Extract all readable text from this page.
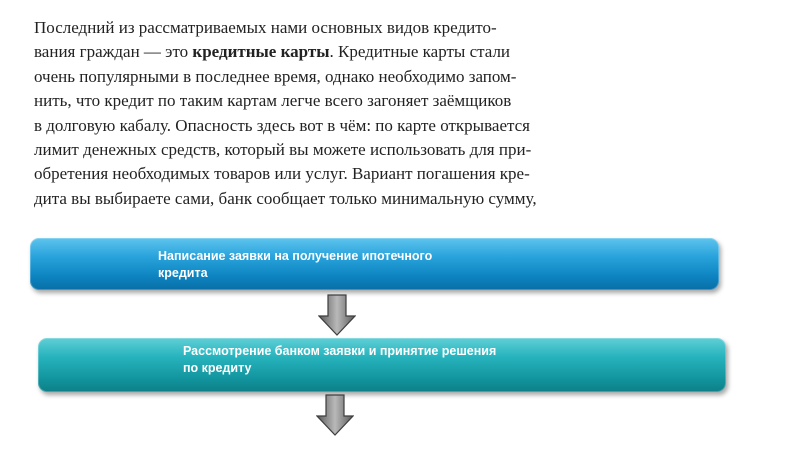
Последний из рассматриваемых нами основных видов кредито-
вания граждан — это кредитные карты. Кредитные карты стали
очень популярными в последнее время, однако необходимо запом-
нить, что кредит по таким картам легче всего загоняет заёмщиков
в долговую кабалу. Опасность здесь вот в чём: по карте открывается
лимит денежных средств, который вы можете использовать для при-
обретения необходимых товаров или услуг. Вариант погашения кре-
дита вы выбираете сами, банк сообщает только минимальную сумму,

Написание заявки на получение ипотечного
кредита

Рассмотрение банком заявки и принятие решения
по кредиту
